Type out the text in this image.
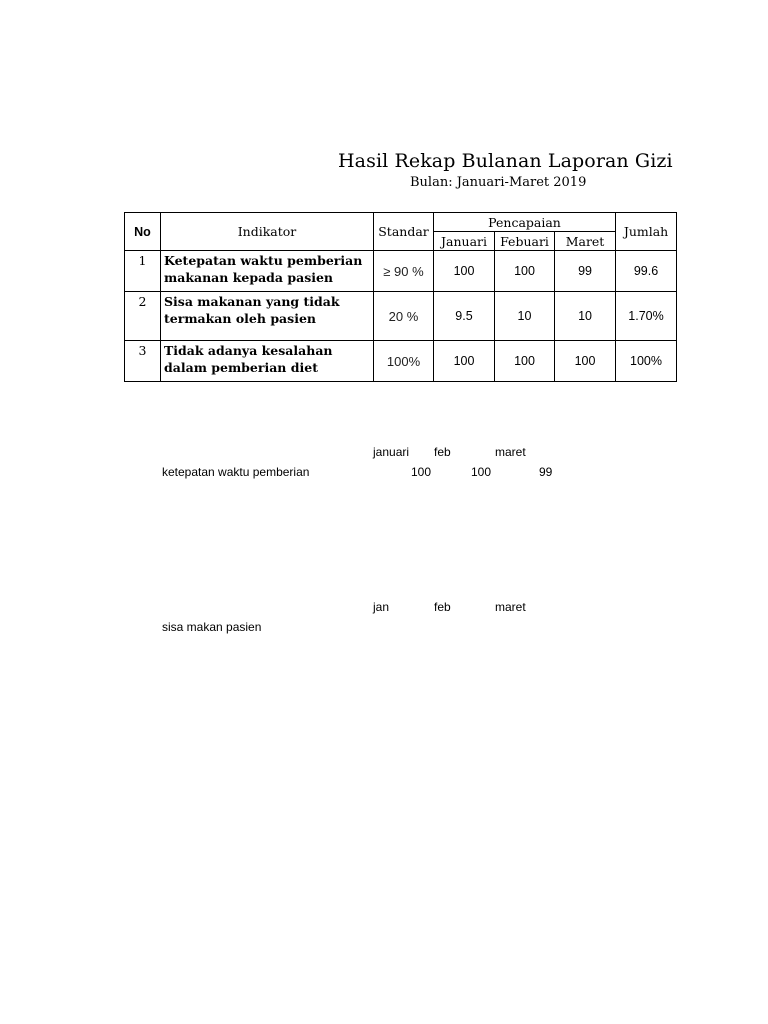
Hasil Rekap Bulanan Laporan Gizi
Bulan: Januari-Maret 2019
No	Indikator	Standar	Pencapaian			Jumlah
			Januari	Febuari	Maret	
1	Ketepatan waktu pemberian makanan kepada pasien	≥ 90 %	100	100	99	99.6
2	Sisa makanan yang tidak termakan oleh pasien	20 %	9.5	10	10	1.70%
3	Tidak adanya kesalahan dalam pemberian diet	100%	100	100	100	100%
januari feb	maret
ketepatan waktu pemberian	100	100	99
jan	feb	maret
sisa makan pasien
